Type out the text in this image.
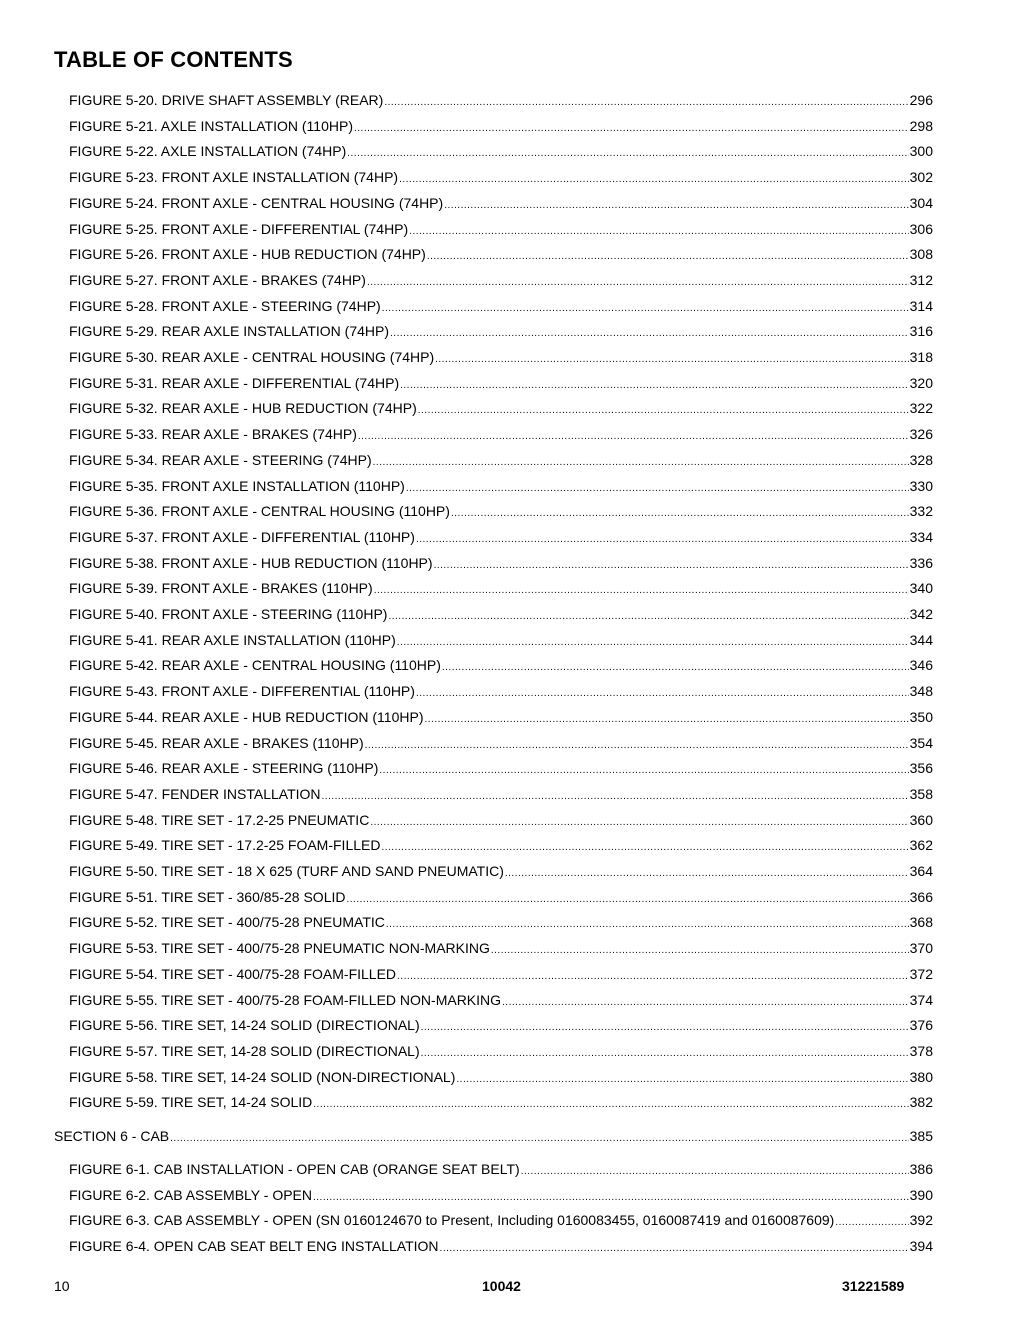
TABLE OF CONTENTS
FIGURE 5-20. DRIVE SHAFT ASSEMBLY (REAR) .....	296
FIGURE 5-21. AXLE INSTALLATION (110HP) .....	298
FIGURE 5-22. AXLE INSTALLATION (74HP) .....	300
FIGURE 5-23. FRONT AXLE INSTALLATION (74HP) .....	302
FIGURE 5-24. FRONT AXLE - CENTRAL HOUSING (74HP) .....	304
FIGURE 5-25. FRONT AXLE - DIFFERENTIAL (74HP) .....	306
FIGURE 5-26. FRONT AXLE - HUB REDUCTION (74HP) .....	308
FIGURE 5-27. FRONT AXLE - BRAKES (74HP) .....	312
FIGURE 5-28. FRONT AXLE - STEERING (74HP) .....	314
FIGURE 5-29. REAR AXLE INSTALLATION (74HP) .....	316
FIGURE 5-30. REAR AXLE - CENTRAL HOUSING (74HP) .....	318
FIGURE 5-31. REAR AXLE - DIFFERENTIAL (74HP) .....	320
FIGURE 5-32. REAR AXLE - HUB REDUCTION (74HP) .....	322
FIGURE 5-33. REAR AXLE - BRAKES (74HP) .....	326
FIGURE 5-34. REAR AXLE - STEERING (74HP) .....	328
FIGURE 5-35. FRONT AXLE INSTALLATION (110HP) .....	330
FIGURE 5-36. FRONT AXLE - CENTRAL HOUSING (110HP) .....	332
FIGURE 5-37. FRONT AXLE - DIFFERENTIAL (110HP) .....	334
FIGURE 5-38. FRONT AXLE - HUB REDUCTION (110HP) .....	336
FIGURE 5-39. FRONT AXLE - BRAKES (110HP) .....	340
FIGURE 5-40. FRONT AXLE - STEERING (110HP) .....	342
FIGURE 5-41. REAR AXLE INSTALLATION (110HP) .....	344
FIGURE 5-42. REAR AXLE - CENTRAL HOUSING (110HP) .....	346
FIGURE 5-43. FRONT AXLE - DIFFERENTIAL (110HP) .....	348
FIGURE 5-44. REAR AXLE - HUB REDUCTION (110HP) .....	350
FIGURE 5-45. REAR AXLE - BRAKES (110HP) .....	354
FIGURE 5-46. REAR AXLE - STEERING (110HP) .....	356
FIGURE 5-47. FENDER INSTALLATION .....	358
FIGURE 5-48. TIRE SET - 17.2-25 PNEUMATIC .....	360
FIGURE 5-49. TIRE SET - 17.2-25 FOAM-FILLED .....	362
FIGURE 5-50. TIRE SET - 18 X 625 (TURF AND SAND PNEUMATIC) .....	364
FIGURE 5-51. TIRE SET - 360/85-28 SOLID .....	366
FIGURE 5-52. TIRE SET - 400/75-28 PNEUMATIC .....	368
FIGURE 5-53. TIRE SET - 400/75-28 PNEUMATIC NON-MARKING .....	370
FIGURE 5-54. TIRE SET - 400/75-28 FOAM-FILLED .....	372
FIGURE 5-55. TIRE SET - 400/75-28 FOAM-FILLED NON-MARKING .....	374
FIGURE 5-56. TIRE SET, 14-24 SOLID (DIRECTIONAL) .....	376
FIGURE 5-57. TIRE SET, 14-28 SOLID (DIRECTIONAL) .....	378
FIGURE 5-58. TIRE SET, 14-24 SOLID (NON-DIRECTIONAL) .....	380
FIGURE 5-59. TIRE SET, 14-24 SOLID .....	382
SECTION 6 - CAB .....	385
FIGURE 6-1. CAB INSTALLATION - OPEN CAB (ORANGE SEAT BELT) .....	386
FIGURE 6-2. CAB ASSEMBLY - OPEN .....	390
FIGURE 6-3. CAB ASSEMBLY - OPEN (SN 0160124670 to Present, Including 0160083455, 0160087419 and 0160087609) .....	392
FIGURE 6-4. OPEN CAB SEAT BELT ENG INSTALLATION .....	394
10	10042	31221589
